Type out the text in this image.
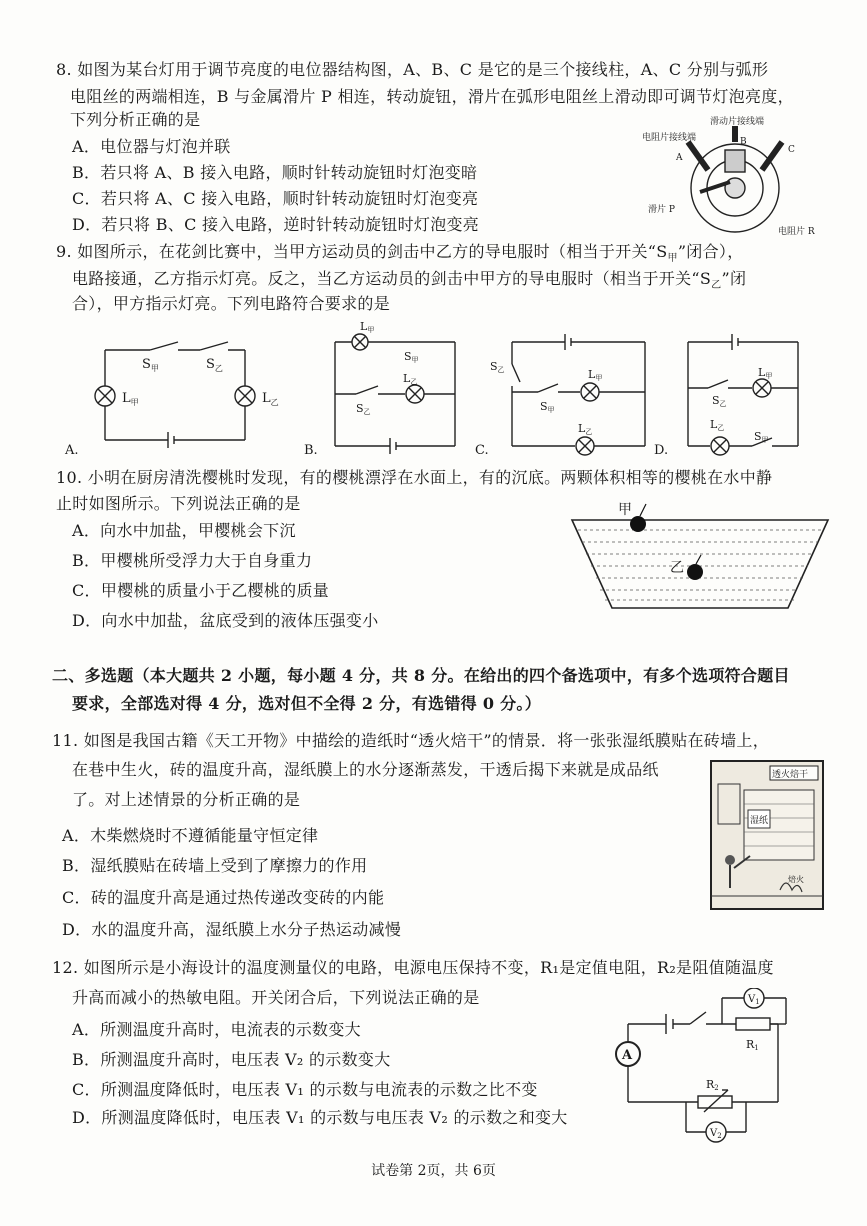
8. 如图为某台灯用于调节亮度的电位器结构图，A、B、C 是它的是三个接线柱，A、C 分别与弧形
电阻丝的两端相连，B 与金属滑片 P 相连，转动旋钮，滑片在弧形电阻丝上滑动即可调节灯泡亮度，
下列分析正确的是
A．电位器与灯泡并联
B．若只将 A、B 接入电路，顺时针转动旋钮时灯泡变暗
C．若只将 A、C 接入电路，顺时针转动旋钮时灯泡变亮
D．若只将 B、C 接入电路，逆时针转动旋钮时灯泡变亮
电阻片接线端
滑动片接线端
A
B
C
滑片 P
电阻片 R
9. 如图所示，在花剑比赛中，当甲方运动员的剑击中乙方的导电服时（相当于开关“$S_甲$”闭合），
电路接通，乙方指示灯亮。反之，当乙方运动员的剑击中甲方的导电服时（相当于开关“$S_乙$”闭
合），甲方指示灯亮。下列电路符合要求的是
$S_甲$	$S_乙$
$L_甲$	$L_乙$
A.
L甲
S甲
L乙
S乙
B.
S乙
S甲
L甲
L乙
C.
L甲
S乙
L乙
S甲
D.
10. 小明在厨房清洗樱桃时发现，有的樱桃漂浮在水面上，有的沉底。两颗体积相等的樱桃在水中静
止时如图所示。下列说法正确的是
A．向水中加盐，甲樱桃会下沉
B．甲樱桃所受浮力大于自身重力
C．甲樱桃的质量小于乙樱桃的质量
D．向水中加盐，盆底受到的液体压强变小
甲
乙
二、多选题（本大题共 2 小题，每小题 4 分，共 8 分。在给出的四个备选项中，有多个选项符合题目
要求，全部选对得 4 分，选对但不全得 2 分，有选错得 0 分。）
11. 如图是我国古籍《天工开物》中描绘的造纸时“透火焙干”的情景．将一张张湿纸膜贴在砖墙上，
在巷中生火，砖的温度升高，湿纸膜上的水分逐渐蒸发，干透后揭下来就是成品纸
了。对上述情景的分析正确的是
A．木柴燃烧时不遵循能量守恒定律
B．湿纸膜贴在砖墙上受到了摩擦力的作用
C．砖的温度升高是通过热传递改变砖的内能
D．水的温度升高，湿纸膜上水分子热运动减慢
透火焙干
湿纸
焙火
12. 如图所示是小海设计的温度测量仪的电路，电源电压保持不变，R₁是定值电阻，R₂是阻值随温度
升高而减小的热敏电阻。开关闭合后，下列说法正确的是
A．所测温度升高时，电流表的示数变大
B．所测温度升高时，电压表 V₂ 的示数变大
C．所测温度降低时，电压表 V₁ 的示数与电流表的示数之比不变
D．所测温度降低时，电压表 V₁ 的示数与电压表 V₂ 的示数之和变大
A
$V_1$
$V_2$
R1
R2
试卷第 2页，共 6页
